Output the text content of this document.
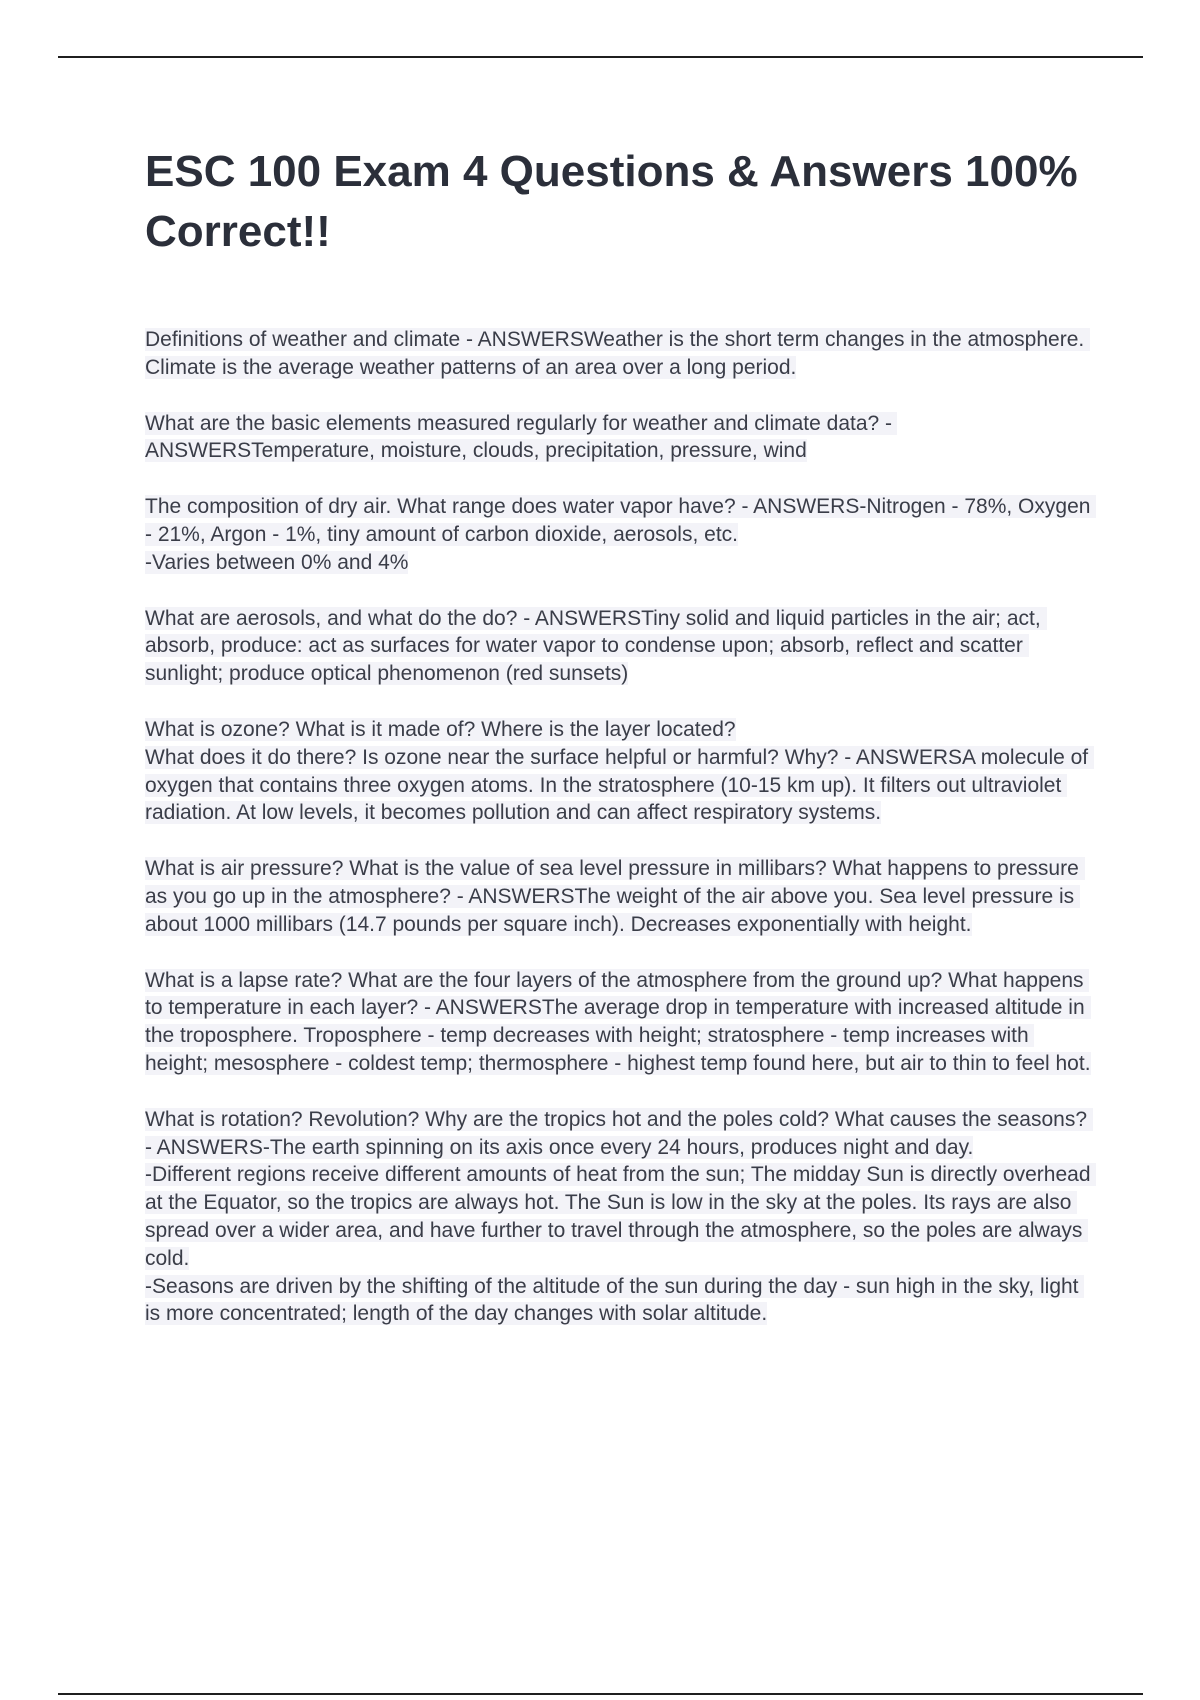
ESC 100 Exam 4 Questions & Answers 100% Correct!!

Definitions of weather and climate - ANSWERSWeather is the short term changes in the atmosphere. Climate is the average weather patterns of an area over a long period.

What are the basic elements measured regularly for weather and climate data? - ANSWERSTemperature, moisture, clouds, precipitation, pressure, wind

The composition of dry air. What range does water vapor have? - ANSWERS-Nitrogen - 78%, Oxygen - 21%, Argon - 1%, tiny amount of carbon dioxide, aerosols, etc.
-Varies between 0% and 4%

What are aerosols, and what do the do? - ANSWERSTiny solid and liquid particles in the air; act, absorb, produce: act as surfaces for water vapor to condense upon; absorb, reflect and scatter sunlight; produce optical phenomenon (red sunsets)

What is ozone? What is it made of? Where is the layer located?
What does it do there? Is ozone near the surface helpful or harmful? Why? - ANSWERSA molecule of oxygen that contains three oxygen atoms. In the stratosphere (10-15 km up). It filters out ultraviolet radiation. At low levels, it becomes pollution and can affect respiratory systems.

What is air pressure? What is the value of sea level pressure in millibars? What happens to pressure as you go up in the atmosphere? - ANSWERSThe weight of the air above you. Sea level pressure is about 1000 millibars (14.7 pounds per square inch). Decreases exponentially with height.

What is a lapse rate? What are the four layers of the atmosphere from the ground up? What happens to temperature in each layer? - ANSWERSThe average drop in temperature with increased altitude in the troposphere. Troposphere - temp decreases with height; stratosphere - temp increases with height; mesosphere - coldest temp; thermosphere - highest temp found here, but air to thin to feel hot.

What is rotation? Revolution? Why are the tropics hot and the poles cold? What causes the seasons? - ANSWERS-The earth spinning on its axis once every 24 hours, produces night and day.
-Different regions receive different amounts of heat from the sun; The midday Sun is directly overhead at the Equator, so the tropics are always hot. The Sun is low in the sky at the poles. Its rays are also spread over a wider area, and have further to travel through the atmosphere, so the poles are always cold.
-Seasons are driven by the shifting of the altitude of the sun during the day - sun high in the sky, light is more concentrated; length of the day changes with solar altitude.
